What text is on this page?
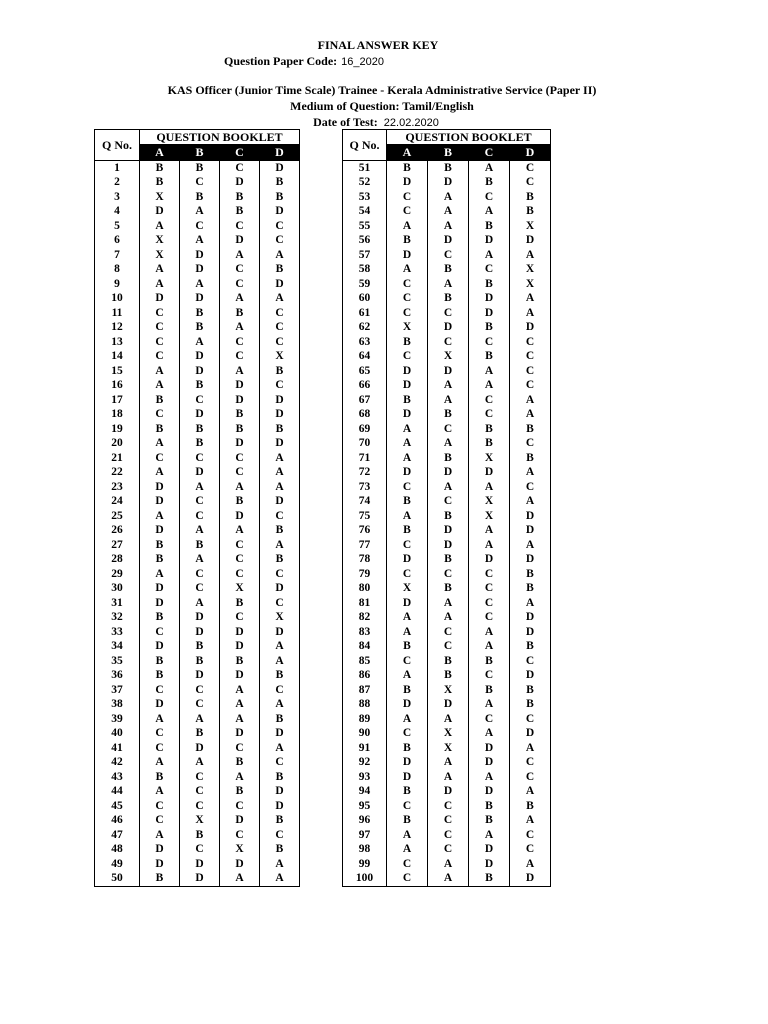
FINAL ANSWER KEY
Question Paper Code: 16_2020
KAS Officer (Junior Time Scale) Trainee - Kerala Administrative Service (Paper II)
Medium of Question: Tamil/English
Date of Test: 22.02.2020
Q No.	QUESTION BOOKLET			
	A	B	C	D
1	B	B	C	D
2	B	C	D	B
3	X	B	B	B
4	D	A	B	D
5	A	C	C	C
6	X	A	D	C
7	X	D	A	A
8	A	D	C	B
9	A	A	C	D
10	D	D	A	A
11	C	B	B	C
12	C	B	A	C
13	C	A	C	C
14	C	D	C	X
15	A	D	A	B
16	A	B	D	C
17	B	C	D	D
18	C	D	B	D
19	B	B	B	B
20	A	B	D	D
21	C	C	C	A
22	A	D	C	A
23	D	A	A	A
24	D	C	B	D
25	A	C	D	C
26	D	A	A	B
27	B	B	C	A
28	B	A	C	B
29	A	C	C	C
30	D	C	X	D
31	D	A	B	C
32	B	D	C	X
33	C	D	D	D
34	D	B	D	A
35	B	B	B	A
36	B	D	D	B
37	C	C	A	C
38	D	C	A	A
39	A	A	A	B
40	C	B	D	D
41	C	D	C	A
42	A	A	B	C
43	B	C	A	B
44	A	C	B	D
45	C	C	C	D
46	C	X	D	B
47	A	B	C	C
48	D	C	X	B
49	D	D	D	A
50	B	D	A	A
Q No.	QUESTION BOOKLET			
	A	B	C	D
51	B	B	A	C
52	D	D	B	C
53	C	A	C	B
54	C	A	A	B
55	A	A	B	X
56	B	D	D	D
57	D	C	A	A
58	A	B	C	X
59	C	A	B	X
60	C	B	D	A
61	C	C	D	A
62	X	D	B	D
63	B	C	C	C
64	C	X	B	C
65	D	D	A	C
66	D	A	A	C
67	B	A	C	A
68	D	B	C	A
69	A	C	B	B
70	A	A	B	C
71	A	B	X	B
72	D	D	D	A
73	C	A	A	C
74	B	C	X	A
75	A	B	X	D
76	B	D	A	D
77	C	D	A	A
78	D	B	D	D
79	C	C	C	B
80	X	B	C	B
81	D	A	C	A
82	A	A	C	D
83	A	C	A	D
84	B	C	A	B
85	C	B	B	C
86	A	B	C	D
87	B	X	B	B
88	D	D	A	B
89	A	A	C	C
90	C	X	A	D
91	B	X	D	A
92	D	A	D	C
93	D	A	A	C
94	B	D	D	A
95	C	C	B	B
96	B	C	B	A
97	A	C	A	C
98	A	C	D	C
99	C	A	D	A
100	C	A	B	D
